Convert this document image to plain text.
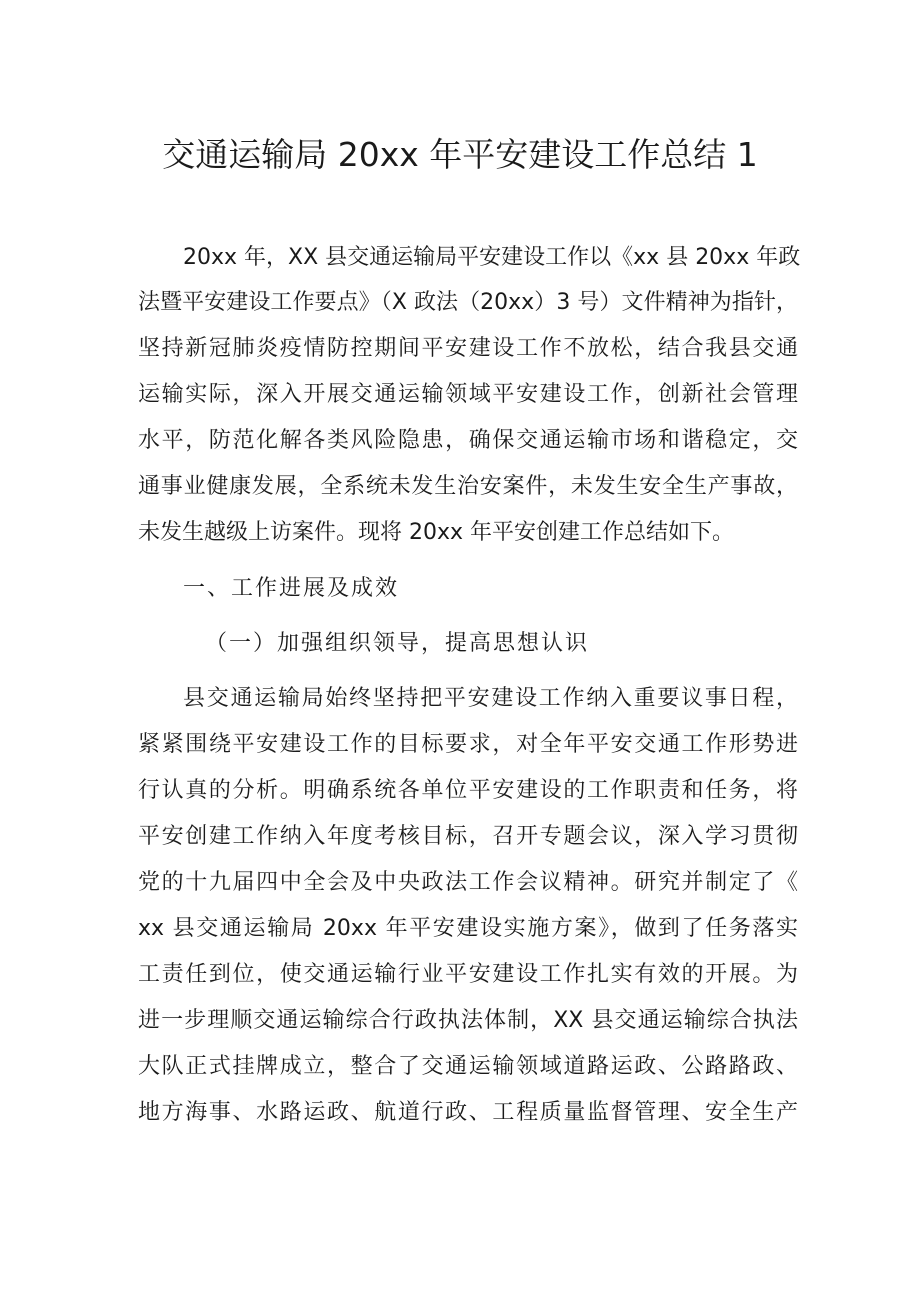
交通运输局 20xx 年平安建设工作总结 1
20xx 年，XX 县交通运输局平安建设工作以《xx 县 20xx 年政
法暨平安建设工作要点》（X 政法（20xx）3 号）文件精神为指针，
坚持新冠肺炎疫情防控期间平安建设工作不放松，结合我县交通
运输实际，深入开展交通运输领域平安建设工作，创新社会管理
水平，防范化解各类风险隐患，确保交通运输市场和谐稳定，交
通事业健康发展，全系统未发生治安案件，未发生安全生产事故，
未发生越级上访案件。现将 20xx 年平安创建工作总结如下。
一、工作进展及成效
（一）加强组织领导，提高思想认识
县交通运输局始终坚持把平安建设工作纳入重要议事日程，
紧紧围绕平安建设工作的目标要求，对全年平安交通工作形势进
行认真的分析。明确系统各单位平安建设的工作职责和任务，将
平安创建工作纳入年度考核目标，召开专题会议，深入学习贯彻
党的十九届四中全会及中央政法工作会议精神。研究并制定了《
xx 县交通运输局 20xx 年平安建设实施方案》，做到了任务落实
工责任到位，使交通运输行业平安建设工作扎实有效的开展。为
进一步理顺交通运输综合行政执法体制，XX 县交通运输综合执法
大队正式挂牌成立，整合了交通运输领域道路运政、公路路政、
地方海事、水路运政、航道行政、工程质量监督管理、安全生产
